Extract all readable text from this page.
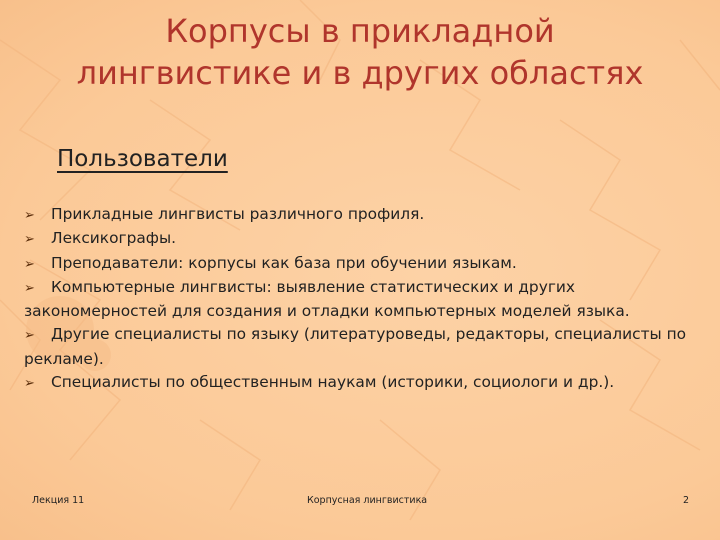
Корпусы в прикладной
лингвистике и в других областях
Пользователи
➢ Прикладные лингвисты различного профиля.
➢ Лексикографы.
➢ Преподаватели: корпусы как база при обучении языкам.
➢ Компьютерные лингвисты: выявление статистических и других закономерностей для создания и отладки компьютерных моделей языка.
➢ Другие специалисты по языку (литературоведы, редакторы, специалисты по рекламе).
➢ Специалисты по общественным наукам (историки, социологи и др.).
Лекция 11	Корпусная лингвистика	2
